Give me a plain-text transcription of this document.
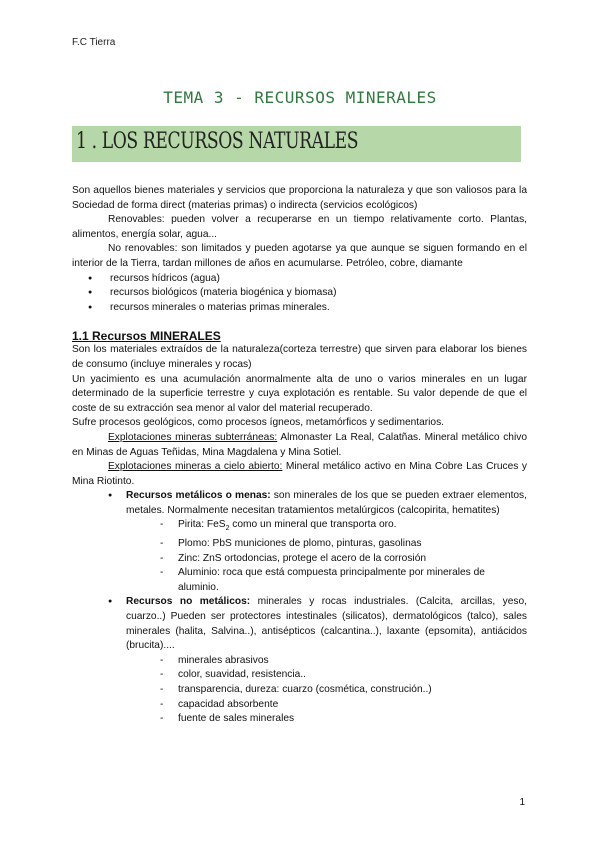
F.C Tierra
TEMA 3 - RECURSOS MINERALES
1 . LOS RECURSOS NATURALES

Son aquellos bienes materiales y servicios que proporciona la naturaleza y que son valiosos para la Sociedad de forma direct (materias primas) o indirecta (servicios ecológicos)

Renovables: pueden volver a recuperarse en un tiempo relativamente corto. Plantas, alimentos, energía solar, agua...

No renovables: son limitados y pueden agotarse ya que aunque se siguen formando en el interior de la Tierra, tardan millones de años en acumularse. Petróleo, cobre, diamante

● recursos hídricos (agua)
● recursos biológicos (materia biogénica y biomasa)
● recursos minerales o materias primas minerales.
1.1 Recursos MINERALES

Son los materiales extraídos de la naturaleza(corteza terrestre) que sirven para elaborar los bienes de consumo (incluye minerales y rocas)

Un yacimiento es una acumulación anormalmente alta de uno o varios minerales en un lugar determinado de la superficie terrestre y cuya explotación es rentable. Su valor depende de que el coste de su extracción sea menor al valor del material recuperado.

Sufre procesos geológicos, como procesos ígneos, metamórficos y sedimentarios.

Explotaciones mineras subterráneas: Almonaster La Real, Calatñas. Mineral metálico chivo en Minas de Aguas Teñidas, Mina Magdalena y Mina Sotiel.

Explotaciones mineras a cielo abierto: Mineral metálico activo en Mina Cobre Las Cruces y Mina Riotinto.

● Recursos metálicos o menas: son minerales de los que se pueden extraer elementos, metales. Normalmente necesitan tratamientos metalúrgicos (calcopirita, hematites)

- Pirita: FeS$_2$ como un mineral que transporta oro.
- Plomo: PbS municiones de plomo, pinturas, gasolinas
- Zinc: ZnS ortodoncias, protege el acero de la corrosión
- Aluminio: roca que está compuesta principalmente por minerales de aluminio.

● Recursos no metálicos: minerales y rocas industriales. (Calcita, arcillas, yeso, cuarzo..) Pueden ser protectores intestinales (silicatos), dermatológicos (talco), sales minerales (halita, Salvina..), antisépticos (calcantina..), laxante (epsomita), antiácidos (brucita)....

- minerales abrasivos
- color, suavidad, resistencia..
- transparencia, dureza: cuarzo (cosmética, construción..)
- capacidad absorbente
- fuente de sales minerales
1
